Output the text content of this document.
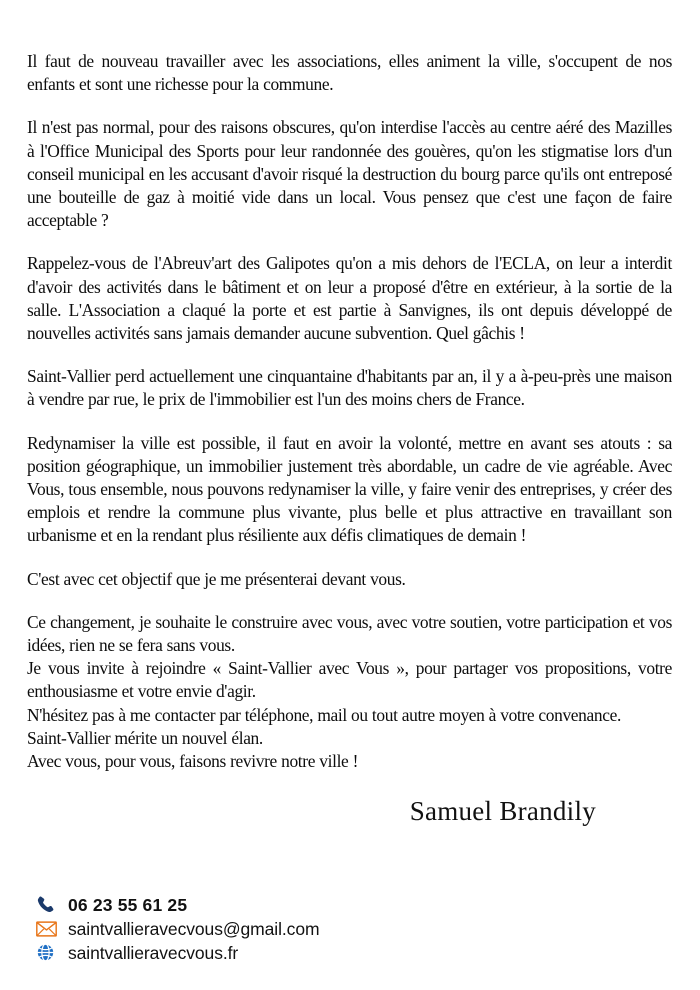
Il faut de nouveau travailler avec les associations, elles animent la ville, s'occupent de nos enfants et sont une richesse pour la commune.

Il n'est pas normal, pour des raisons obscures, qu'on interdise l'accès au centre aéré des Mazilles à l'Office Municipal des Sports pour leur randonnée des gouères, qu'on les stigmatise lors d'un conseil municipal en les accusant d'avoir risqué la destruction du bourg parce qu'ils ont entreposé une bouteille de gaz à moitié vide dans un local. Vous pensez que c'est une façon de faire acceptable ?

Rappelez-vous de l'Abreuv'art des Galipotes qu'on a mis dehors de l'ECLA, on leur a interdit d'avoir des activités dans le bâtiment et on leur a proposé d'être en extérieur, à la sortie de la salle. L'Association a claqué la porte et est partie à Sanvignes, ils ont depuis développé de nouvelles activités sans jamais demander aucune subvention. Quel gâchis !

Saint-Vallier perd actuellement une cinquantaine d'habitants par an, il y a à-peu-près une maison à vendre par rue, le prix de l'immobilier est l'un des moins chers de France.

Redynamiser la ville est possible, il faut en avoir la volonté, mettre en avant ses atouts : sa position géographique, un immobilier justement très abordable, un cadre de vie agréable. Avec Vous, tous ensemble, nous pouvons redynamiser la ville, y faire venir des entreprises, y créer des emplois et rendre la commune plus vivante, plus belle et plus attractive en travaillant son urbanisme et en la rendant plus résiliente aux défis climatiques de demain !

C'est avec cet objectif que je me présenterai devant vous.

Ce changement, je souhaite le construire avec vous, avec votre soutien, votre participation et vos idées, rien ne se fera sans vous.
Je vous invite à rejoindre « Saint-Vallier avec Vous », pour partager vos propositions, votre enthousiasme et votre envie d'agir.
N'hésitez pas à me contacter par téléphone, mail ou tout autre moyen à votre convenance.
Saint-Vallier mérite un nouvel élan.
Avec vous, pour vous, faisons revivre notre ville !

Samuel Brandily
06 23 55 61 25
saintvallieravecvous@gmail.com
saintvallieravecvous.fr
